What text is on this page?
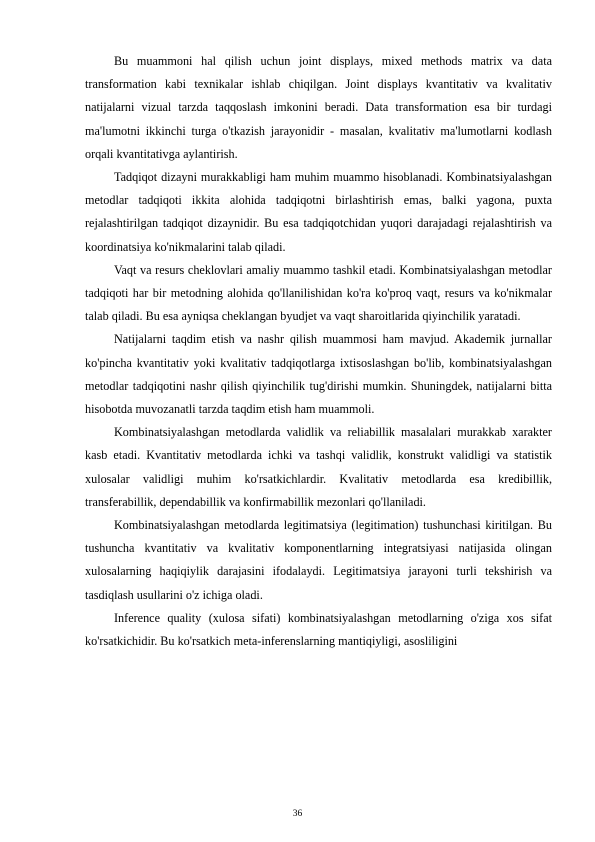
Bu muammoni hal qilish uchun joint displays, mixed methods matrix va data transformation kabi texnikalar ishlab chiqilgan. Joint displays kvantitativ va kvalitativ natijalarni vizual tarzda taqqoslash imkonini beradi. Data transformation esa bir turdagi ma'lumotni ikkinchi turga o'tkazish jarayonidir - masalan, kvalitativ ma'lumotlarni kodlash orqali kvantitativga aylantirish.

Tadqiqot dizayni murakkabligi ham muhim muammo hisoblanadi. Kombinatsiyalashgan metodlar tadqiqoti ikkita alohida tadqiqotni birlashtirish emas, balki yagona, puxta rejalashtirilgan tadqiqot dizaynidir. Bu esa tadqiqotchidan yuqori darajadagi rejalashtirish va koordinatsiya ko'nikmalarini talab qiladi.

Vaqt va resurs cheklovlari amaliy muammo tashkil etadi. Kombinatsiyalashgan metodlar tadqiqoti har bir metodning alohida qo'llanilishidan ko'ra ko'proq vaqt, resurs va ko'nikmalar talab qiladi. Bu esa ayniqsa cheklangan byudjet va vaqt sharoitlarida qiyinchilik yaratadi.

Natijalarni taqdim etish va nashr qilish muammosi ham mavjud. Akademik jurnallar ko'pincha kvantitativ yoki kvalitativ tadqiqotlarga ixtisoslashgan bo'lib, kombinatsiyalashgan metodlar tadqiqotini nashr qilish qiyinchilik tug'dirishi mumkin. Shuningdek, natijalarni bitta hisobotda muvozanatli tarzda taqdim etish ham muammoli.

Kombinatsiyalashgan metodlarda validlik va reliabillik masalalari murakkab xarakter kasb etadi. Kvantitativ metodlarda ichki va tashqi validlik, konstrukt validligi va statistik xulosalar validligi muhim ko'rsatkichlardir. Kvalitativ metodlarda esa kredibillik, transferabillik, dependabillik va konfirmabillik mezonlari qo'llaniladi.

Kombinatsiyalashgan metodlarda legitimatsiya (legitimation) tushunchasi kiritilgan. Bu tushuncha kvantitativ va kvalitativ komponentlarning integratsiyasi natijasida olingan xulosalarning haqiqiylik darajasini ifodalaydi. Legitimatsiya jarayoni turli tekshirish va tasdiqlash usullarini o'z ichiga oladi.

Inference quality (xulosa sifati) kombinatsiyalashgan metodlarning o'ziga xos sifat ko'rsatkichidir. Bu ko'rsatkich meta-inferenslarning mantiqiyligi, asosliligini

36
